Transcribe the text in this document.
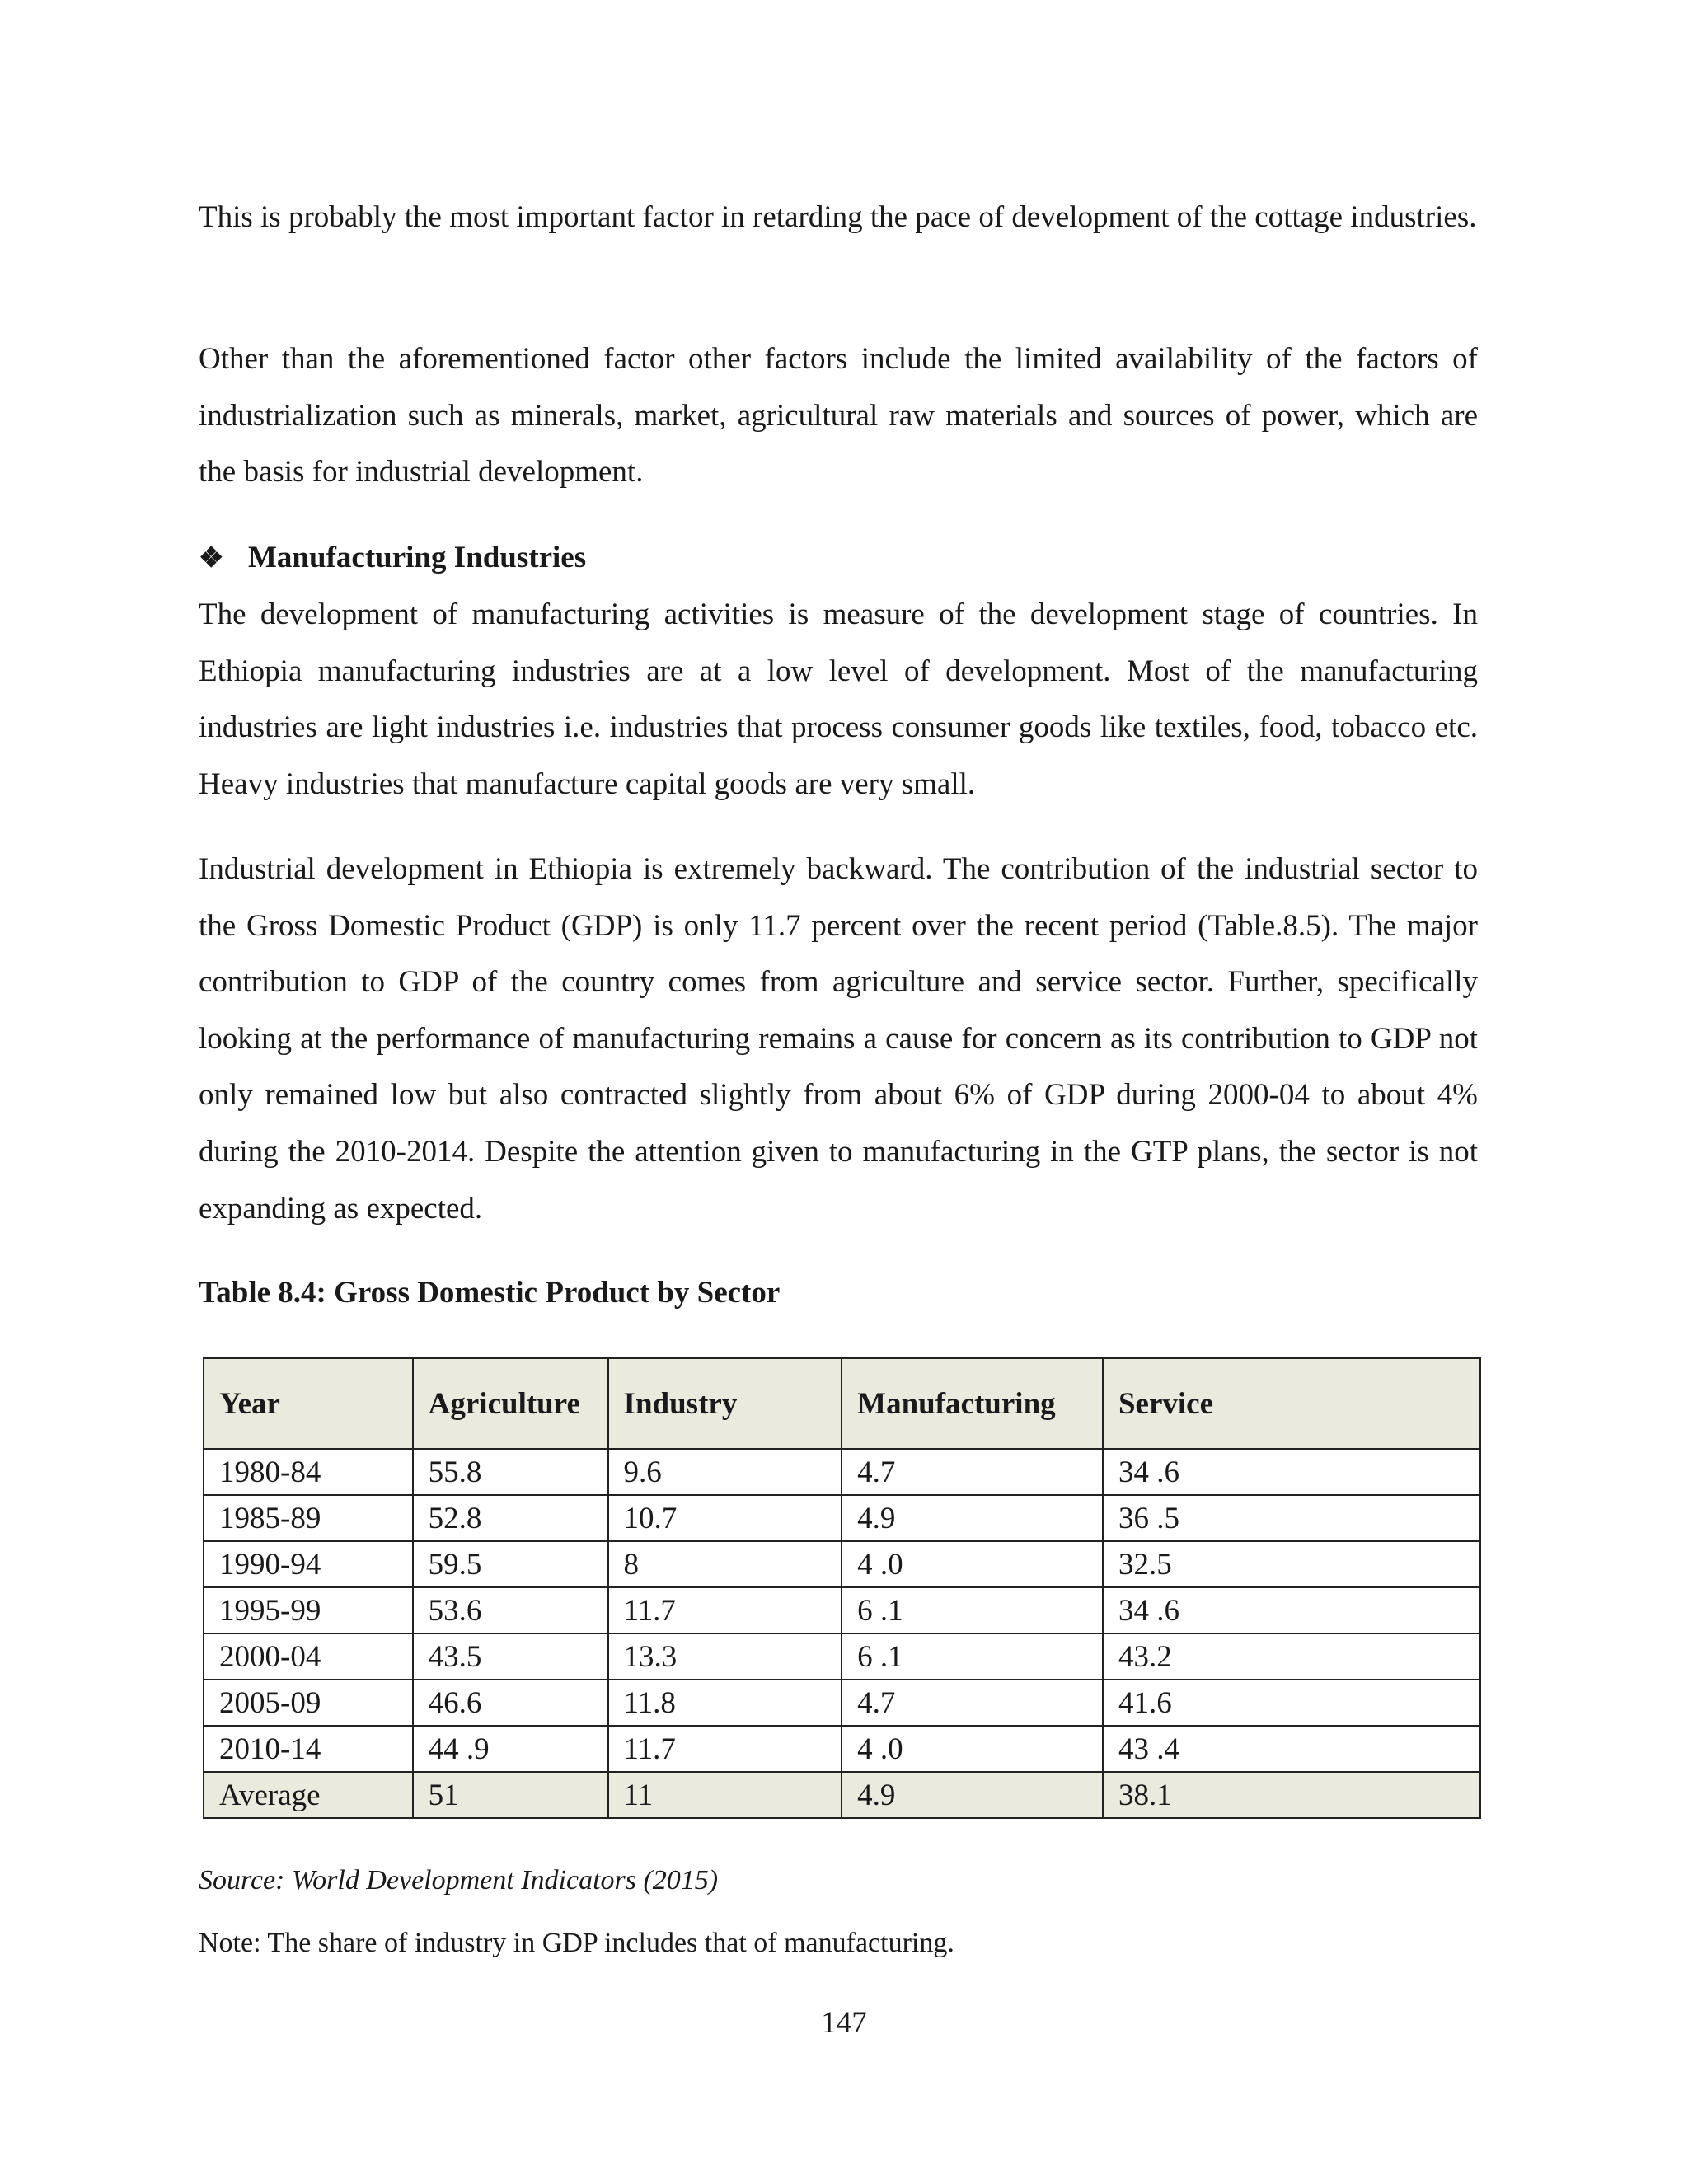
This is probably the most important factor in retarding the pace of development of the cottage industries.

Other than the aforementioned factor other factors include the limited availability of the factors of industrialization such as minerals, market, agricultural raw materials and sources of power, which are the basis for industrial development.

❖ Manufacturing Industries

The development of manufacturing activities is measure of the development stage of countries. In Ethiopia manufacturing industries are at a low level of development. Most of the manufacturing industries are light industries i.e. industries that process consumer goods like textiles, food, tobacco etc. Heavy industries that manufacture capital goods are very small.

Industrial development in Ethiopia is extremely backward. The contribution of the industrial sector to the Gross Domestic Product (GDP) is only 11.7 percent over the recent period (Table.8.5). The major contribution to GDP of the country comes from agriculture and service sector. Further, specifically looking at the performance of manufacturing remains a cause for concern as its contribution to GDP not only remained low but also contracted slightly from about 6% of GDP during 2000-04 to about 4% during the 2010-2014. Despite the attention given to manufacturing in the GTP plans, the sector is not expanding as expected.

Table 8.4: Gross Domestic Product by Sector
Year	Agriculture	Industry	Manufacturing	Service
1980-84	55.8	9.6	4.7	34 .6
1985-89	52.8	10.7	4.9	36 .5
1990-94	59.5	8	4 .0	32.5
1995-99	53.6	11.7	6 .1	34 .6
2000-04	43.5	13.3	6 .1	43.2
2005-09	46.6	11.8	4.7	41.6
2010-14	44 .9	11.7	4 .0	43 .4
Average	51	11	4.9	38.1
Source: World Development Indicators (2015)
Note: The share of industry in GDP includes that of manufacturing.
147
